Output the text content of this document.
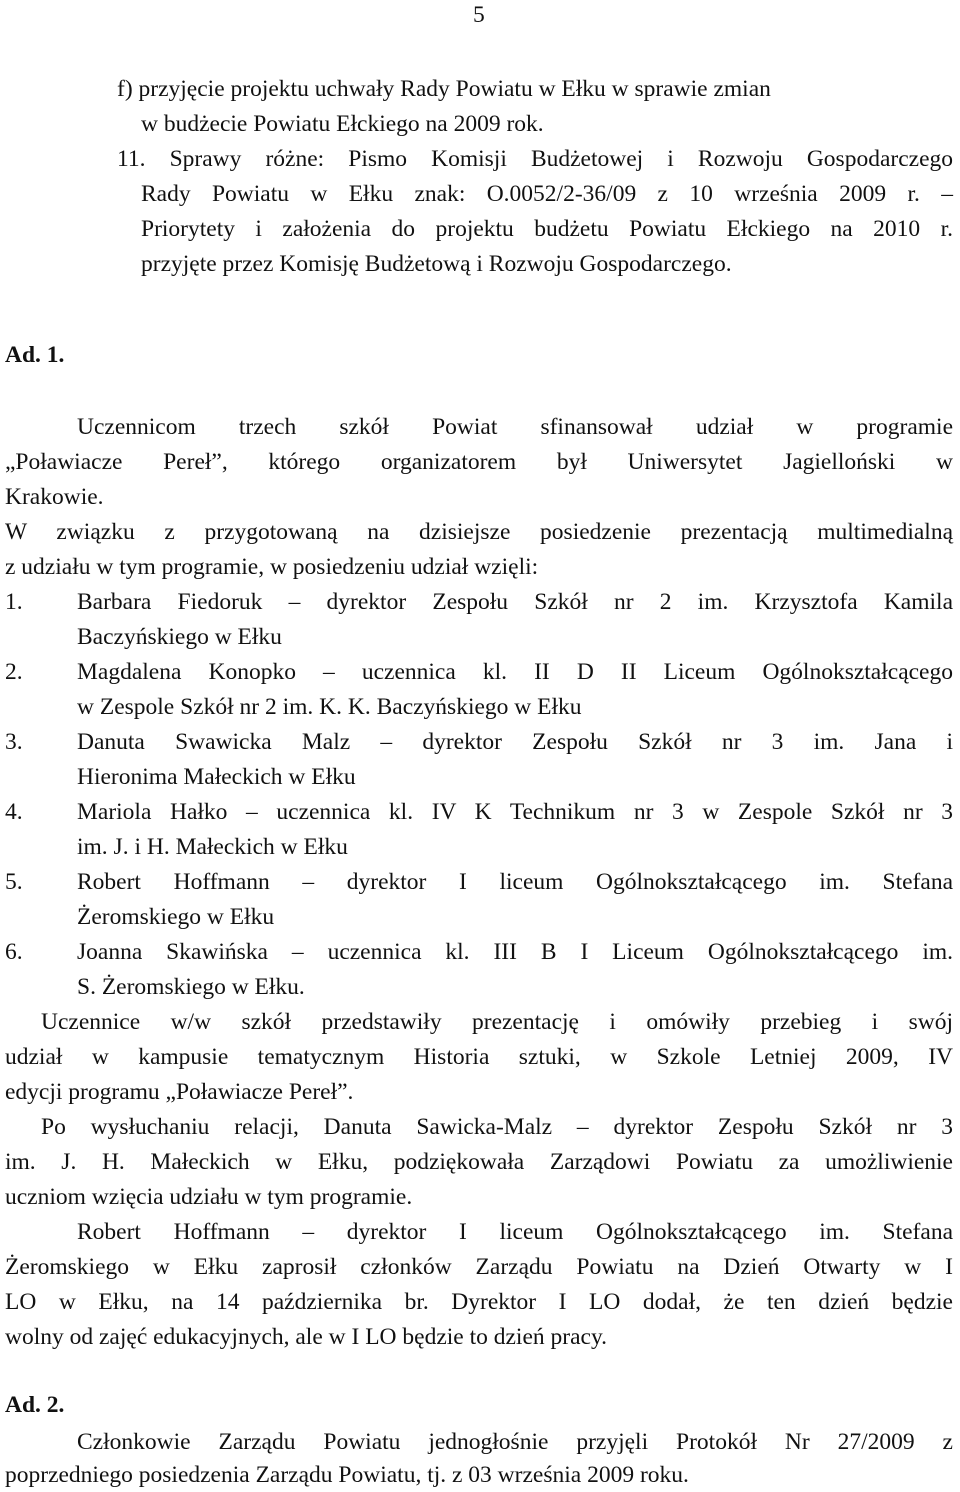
5
f) przyjęcie projektu uchwały Rady Powiatu w Ełku w sprawie zmian
w budżecie Powiatu Ełckiego na 2009 rok.
11. Sprawy różne: Pismo Komisji Budżetowej i Rozwoju Gospodarczego
Rady Powiatu w Ełku znak: O.0052/2-36/09 z 10 września 2009 r. –
Priorytety i założenia do projektu budżetu Powiatu Ełckiego na 2010 r.
przyjęte przez Komisję Budżetową i Rozwoju Gospodarczego.
Ad. 1.
Uczennicom trzech szkół Powiat sfinansował udział w programie
„Poławiacze Pereł”, którego organizatorem był Uniwersytet Jagielloński w
Krakowie.
W związku z przygotowaną na dzisiejsze posiedzenie prezentacją multimedialną
z udziału w tym programie, w posiedzeniu udział wzięli:
1. Barbara Fiedoruk – dyrektor Zespołu Szkół nr 2 im. Krzysztofa Kamila
Baczyńskiego w Ełku
2. Magdalena Konopko – uczennica kl. II D II Liceum Ogólnokształcącego
w Zespole Szkół nr 2 im. K. K. Baczyńskiego w Ełku
3. Danuta Swawicka Malz – dyrektor Zespołu Szkół nr 3 im. Jana i
Hieronima Małeckich w Ełku
4. Mariola Hałko – uczennica kl. IV K Technikum nr 3 w Zespole Szkół nr 3
im. J. i H. Małeckich w Ełku
5. Robert Hoffmann – dyrektor I liceum Ogólnokształcącego im. Stefana
Żeromskiego w Ełku
6. Joanna Skawińska – uczennica kl. III B I Liceum Ogólnokształcącego im.
S. Żeromskiego w Ełku.
Uczennice w/w szkół przedstawiły prezentację i omówiły przebieg i swój
udział w kampusie tematycznym Historia sztuki, w Szkole Letniej 2009, IV
edycji programu „Poławiacze Pereł”.
Po wysłuchaniu relacji, Danuta Sawicka-Malz – dyrektor Zespołu Szkół nr 3
im. J. H. Małeckich w Ełku, podziękowała Zarządowi Powiatu za umożliwienie
uczniom wzięcia udziału w tym programie.
Robert Hoffmann – dyrektor I liceum Ogólnokształcącego im. Stefana
Żeromskiego w Ełku zaprosił członków Zarządu Powiatu na Dzień Otwarty w I
LO w Ełku, na 14 października br. Dyrektor I LO dodał, że ten dzień będzie
wolny od zajęć edukacyjnych, ale w I LO będzie to dzień pracy.
Ad. 2.
Członkowie Zarządu Powiatu jednogłośnie przyjęli Protokół Nr 27/2009 z
poprzedniego posiedzenia Zarządu Powiatu, tj. z 03 września 2009 roku.
